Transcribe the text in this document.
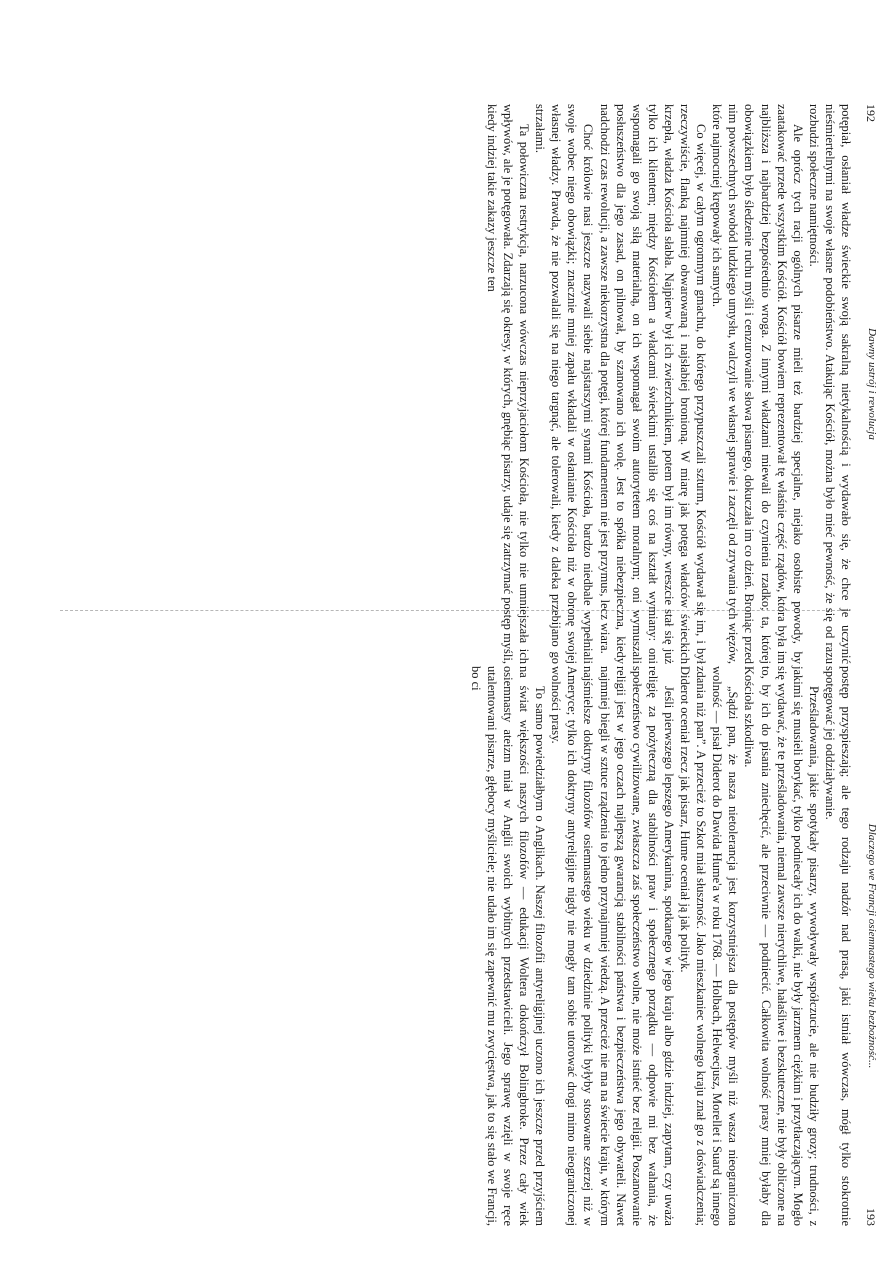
192
Dawny ustrój i rewolucja

potępiał, osłaniał władze świeckie swoją sakralną nietykalnością i wydawało się, że chce je uczynić nieśmiertelnymi na swoje własne podobieństwo. Atakując Kościół, można było mieć pewność, że się od razu rozbudzi społeczne namiętności.

Ale oprócz tych racji ogólnych pisarze mieli też bardziej specjalne, niejako osobiste powody, by zaatakować przede wszystkim Kościół. Kościół bowiem reprezentował tę właśnie część rządów, która była im najbliższa i najbardziej bezpośrednio wroga. Z innymi władzami miewali do czynienia rzadko; ta, której obowiązkiem było śledzenie ruchu myśli i cenzurowanie słowa pisanego, dokuczała im co dzień. Broniąc przed nim powszechnych swobód ludzkiego umysłu, walczyli we własnej sprawie i zaczęli od zrywania tych więzów, które najmocniej krępowały ich samych.

Co więcej, w całym ogromnym gmachu, do którego przypuszczali szturm, Kościół wydawał się im, i był rzeczywiście, flanką najmniej obwarowaną i najsłabiej bronioną. W miarę jak potęga władców świeckich krzepła, władza Kościoła słabła. Najpierw był ich zwierzchnikiem, potem był im równy, wreszcie stał się już tylko ich klientem; między Kościołem a władcami świeckimi ustaliło się coś na kształt wymiany: oni wspomagali go swoją siłą materialną, on ich wspomagał swoim autorytetem moralnym; oni wymuszali posłuszeństwo dla jego zasad, on pilnował, by szanowano ich wolę. Jest to spółka niebezpieczna, kiedy nadchodzi czas rewolucji, a zawsze niekorzystna dla potęgi, której fundamentem nie jest przymus, lecz wiara.

Choć królowie nasi jeszcze nazywali siebie najstarszymi synami Kościoła, bardzo niedbale wypełniali swoje wobec niego obowiązki; znacznie mniej zapału wkładali w osłanianie Kościoła niż w obronę swojej własnej władzy. Prawda, że nie pozwalali się na niego targnąć, ale tolerowali, kiedy z daleka przebijano go strzałami.

Ta połowiczna restrykcja, narzucona wówczas nieprzyjaciołom Kościoła, nie tylko nie umniejszała ich wpływów, ale je potęgowała. Zdarzają się okresy, w których, gnębiąc pisarzy, udaje się zatrzymać postęp myśli, kiedy indziej takie zakazy jeszcze ten

Dlaczego we Francji osiemnastego wieku bezbożność...
193

postęp przyspieszają; ale tego rodzaju nadzór nad prasą, jaki istniał wówczas, mógł tylko stokrotnie spotęgować jej oddziaływanie.

Prześladowania, jakie spotykały pisarzy, wywoływały współczucie, ale nie budziły grozy; trudności, z jakimi się musieli borykać, tylko podniecały ich do walki, nie były jarzmem ciężkim i przytłaczającym. Mogło się wydawać, że te prześladowania, niemal zawsze nierychliwe, hałaśliwe i bezskuteczne, nie były obliczone na to, by ich do pisania zniechęcić, ale przeciwnie — podniecić. Całkowita wolność prasy mniej byłaby dla Kościoła szkodliwa.

„Sądzi pan, że nasza nietolerancja jest korzystniejsza dla postępów myśli niż wasza nieograniczona wolność — pisał Diderot do Dawida Hume'a w roku 1768. — Holbach, Helwecjusz, Morellet i Suard są innego zdania niż pan”. A przecież to Szkot miał słuszność. Jako mieszkaniec wolnego kraju znał go z doświadczenia; Diderot oceniał rzecz jak pisarz, Hume oceniał ją jak polityk.

Jeśli pierwszego lepszego Amerykanina, spotkanego w jego kraju albo gdzie indziej, zapytam, czy uważa religię za pożyteczną dla stabilności praw i społecznego porządku — odpowie mi bez wahania, że społeczeństwo cywilizowane, zwłaszcza zaś społeczeństwo wolne, nie może istnieć bez religii. Poszanowanie religii jest w jego oczach najlepszą gwarancją stabilności państwa i bezpieczeństwa jego obywateli. Nawet najmniej biegli w sztuce rządzenia to jedno przynajmniej wiedzą. A przecież nie ma na świecie kraju, w którym najśmielsze doktryny filozofów osiemnastego wieku w dziedzinie polityki byłyby stosowane szerzej niż w Ameryce; tylko ich doktryny antyreligijne nigdy nie mogły tam sobie utorować drogi mimo nieograniczonej wolności prasy.

To samo powiedziałbym o Anglikach. Naszej filozofii antyreligijnej uczono ich jeszcze przed przyjściem na świat większości naszych filozofów — edukacji Woltera dokończył Bolingbroke. Przez cały wiek osiemnasty ateizm miał w Anglii swoich wybitnych przedstawicieli. Jego sprawę wzięli w swoje ręce utalentowani pisarze, głębocy myśliciele; nie udało im się zapewnić mu zwycięstwa, jak to się stało we Francji, bo ci
